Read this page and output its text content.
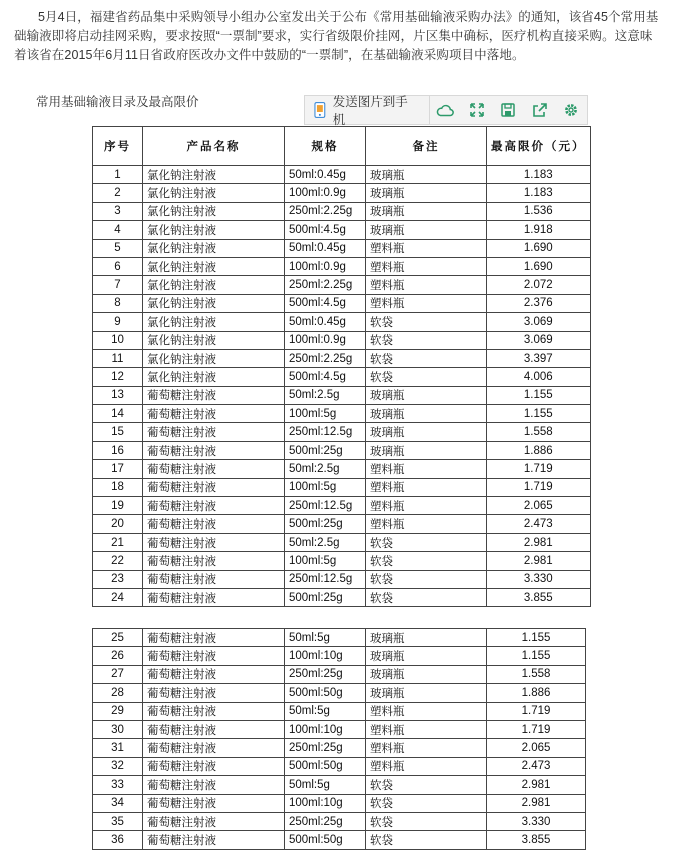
5月4日，福建省药品集中采购领导小组办公室发出关于公布《常用基础输液采购办法》的通知，该省45个常用基础输液即将启动挂网采购，要求按照“一票制”要求，实行省级限价挂网，片区集中确标，医疗机构直接采购。这意味着该省在2015年6月11日省政府医改办文件中鼓励的“一票制”，在基础输液采购项目中落地。

常用基础输液目录及最高限价	发送图片到手机
序号	产品名称	规格	备注	最高限价（元）
1	氯化钠注射液	50ml:0.45g	玻璃瓶	1.183
2	氯化钠注射液	100ml:0.9g	玻璃瓶	1.183
3	氯化钠注射液	250ml:2.25g	玻璃瓶	1.536
4	氯化钠注射液	500ml:4.5g	玻璃瓶	1.918
5	氯化钠注射液	50ml:0.45g	塑料瓶	1.690
6	氯化钠注射液	100ml:0.9g	塑料瓶	1.690
7	氯化钠注射液	250ml:2.25g	塑料瓶	2.072
8	氯化钠注射液	500ml:4.5g	塑料瓶	2.376
9	氯化钠注射液	50ml:0.45g	软袋	3.069
10	氯化钠注射液	100ml:0.9g	软袋	3.069
11	氯化钠注射液	250ml:2.25g	软袋	3.397
12	氯化钠注射液	500ml:4.5g	软袋	4.006
13	葡萄糖注射液	50ml:2.5g	玻璃瓶	1.155
14	葡萄糖注射液	100ml:5g	玻璃瓶	1.155
15	葡萄糖注射液	250ml:12.5g	玻璃瓶	1.558
16	葡萄糖注射液	500ml:25g	玻璃瓶	1.886
17	葡萄糖注射液	50ml:2.5g	塑料瓶	1.719
18	葡萄糖注射液	100ml:5g	塑料瓶	1.719
19	葡萄糖注射液	250ml:12.5g	塑料瓶	2.065
20	葡萄糖注射液	500ml:25g	塑料瓶	2.473
21	葡萄糖注射液	50ml:2.5g	软袋	2.981
22	葡萄糖注射液	100ml:5g	软袋	2.981
23	葡萄糖注射液	250ml:12.5g	软袋	3.330
24	葡萄糖注射液	500ml:25g	软袋	3.855
25	葡萄糖注射液	50ml:5g	玻璃瓶	1.155
26	葡萄糖注射液	100ml:10g	玻璃瓶	1.155
27	葡萄糖注射液	250ml:25g	玻璃瓶	1.558
28	葡萄糖注射液	500ml:50g	玻璃瓶	1.886
29	葡萄糖注射液	50ml:5g	塑料瓶	1.719
30	葡萄糖注射液	100ml:10g	塑料瓶	1.719
31	葡萄糖注射液	250ml:25g	塑料瓶	2.065
32	葡萄糖注射液	500ml:50g	塑料瓶	2.473
33	葡萄糖注射液	50ml:5g	软袋	2.981
34	葡萄糖注射液	100ml:10g	软袋	2.981
35	葡萄糖注射液	250ml:25g	软袋	3.330
36	葡萄糖注射液	500ml:50g	软袋	3.855
